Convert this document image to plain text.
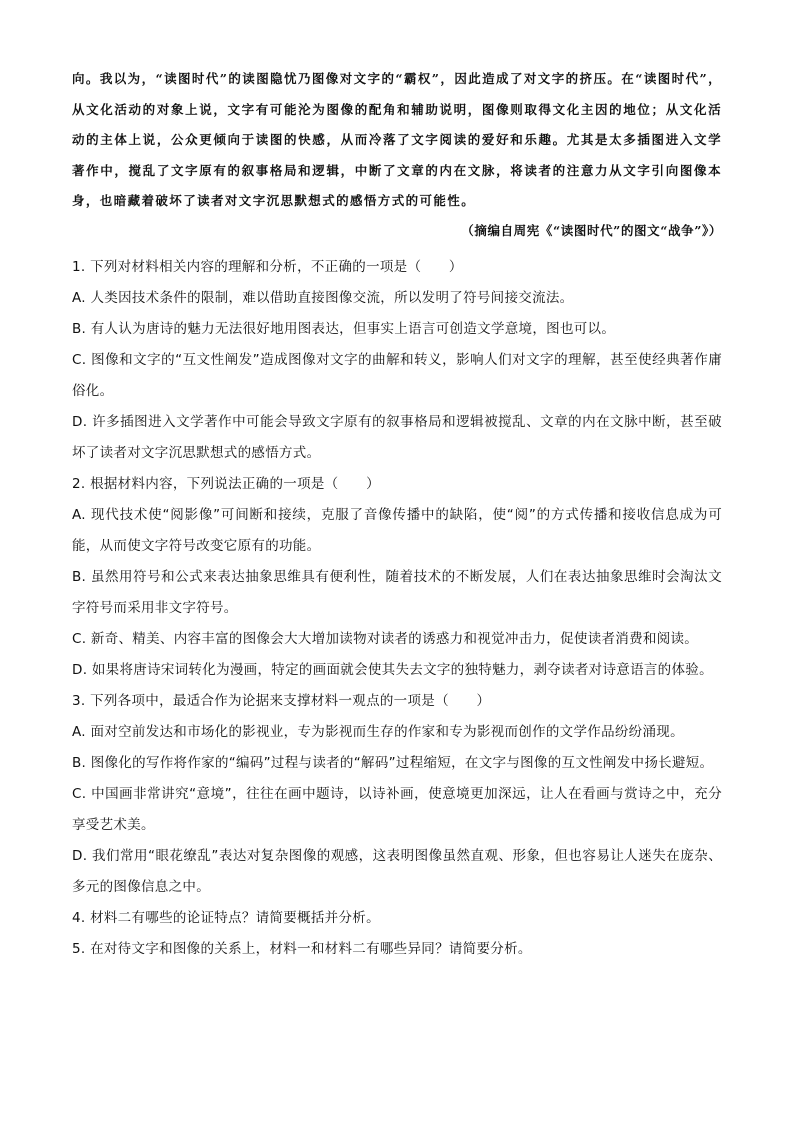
向。我以为，“读图时代”的读图隐忧乃图像对文字的“霸权”，因此造成了对文字的挤压。在“读图时代”，从文化活动的对象上说，文字有可能沦为图像的配角和辅助说明，图像则取得文化主因的地位；从文化活动的主体上说，公众更倾向于读图的快感，从而冷落了文字阅读的爱好和乐趣。尤其是太多插图进入文学著作中，搅乱了文字原有的叙事格局和逻辑，中断了文章的内在文脉，将读者的注意力从文字引向图像本身，也暗藏着破坏了读者对文字沉思默想式的感悟方式的可能性。

（摘编自周宪《“读图时代”的图文“战争”》）

1. 下列对材料相关内容的理解和分析，不正确的一项是（　　）

A. 人类因技术条件的限制，难以借助直接图像交流，所以发明了符号间接交流法。

B. 有人认为唐诗的魅力无法很好地用图表达，但事实上语言可创造文学意境，图也可以。

C. 图像和文字的“互文性阐发”造成图像对文字的曲解和转义，影响人们对文字的理解，甚至使经典著作庸俗化。

D. 许多插图进入文学著作中可能会导致文字原有的叙事格局和逻辑被搅乱、文章的内在文脉中断，甚至破坏了读者对文字沉思默想式的感悟方式。

2. 根据材料内容，下列说法正确的一项是（　　）

A. 现代技术使“阅影像”可间断和接续，克服了音像传播中的缺陷，使“阅”的方式传播和接收信息成为可能，从而使文字符号改变它原有的功能。

B. 虽然用符号和公式来表达抽象思维具有便利性，随着技术的不断发展，人们在表达抽象思维时会淘汰文字符号而采用非文字符号。

C. 新奇、精美、内容丰富的图像会大大增加读物对读者的诱惑力和视觉冲击力，促使读者消费和阅读。

D. 如果将唐诗宋词转化为漫画，特定的画面就会使其失去文字的独特魅力，剥夺读者对诗意语言的体验。

3. 下列各项中，最适合作为论据来支撑材料一观点的一项是（　　）

A. 面对空前发达和市场化的影视业，专为影视而生存的作家和专为影视而创作的文学作品纷纷涌现。

B. 图像化的写作将作家的“编码”过程与读者的“解码”过程缩短，在文字与图像的互文性阐发中扬长避短。

C. 中国画非常讲究“意境”，往往在画中题诗，以诗补画，使意境更加深远，让人在看画与赏诗之中，充分享受艺术美。

D. 我们常用“眼花缭乱”表达对复杂图像的观感，这表明图像虽然直观、形象，但也容易让人迷失在庞杂、多元的图像信息之中。

4. 材料二有哪些的论证特点？请简要概括并分析。

5. 在对待文字和图像的关系上，材料一和材料二有哪些异同？请简要分析。
